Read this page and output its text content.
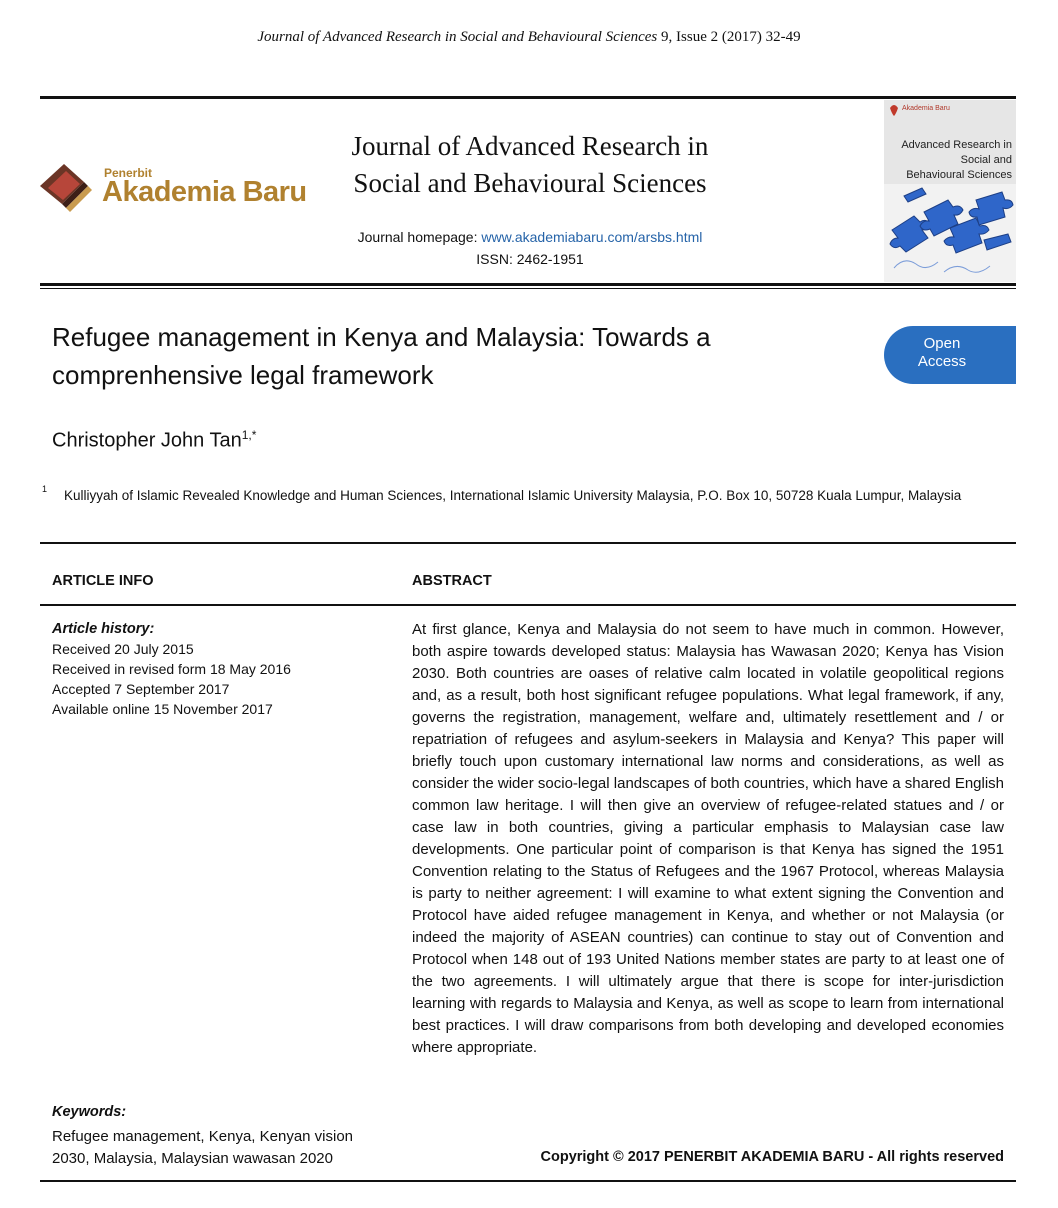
Journal of Advanced Research in Social and Behavioural Sciences 9, Issue 2 (2017) 32-49
Penerbit
Akademia Baru
Journal of Advanced Research in
Social and Behavioural Sciences
Journal homepage: www.akademiabaru.com/arsbs.html
ISSN: 2462-1951
Akademia Baru
Advanced Research in
Social and
Behavioural Sciences
Refugee management in Kenya and Malaysia: Towards a comprenhensive legal framework
Open
Access
Christopher John Tan$^{1,*}$
1 Kulliyyah of Islamic Revealed Knowledge and Human Sciences, International Islamic University Malaysia, P.O. Box 10, 50728 Kuala Lumpur, Malaysia
ARTICLE INFO	ABSTRACT
Article history:
Received 20 July 2015
Received in revised form 18 May 2016
Accepted 7 September 2017
Available online 15 November 2017
At first glance, Kenya and Malaysia do not seem to have much in common. However, both aspire towards developed status: Malaysia has Wawasan 2020; Kenya has Vision 2030. Both countries are oases of relative calm located in volatile geopolitical regions and, as a result, both host significant refugee populations. What legal framework, if any, governs the registration, management, welfare and, ultimately resettlement and / or repatriation of refugees and asylum-seekers in Malaysia and Kenya? This paper will briefly touch upon customary international law norms and considerations, as well as consider the wider socio-legal landscapes of both countries, which have a shared English common law heritage. I will then give an overview of refugee-related statues and / or case law in both countries, giving a particular emphasis to Malaysian case law developments. One particular point of comparison is that Kenya has signed the 1951 Convention relating to the Status of Refugees and the 1967 Protocol, whereas Malaysia is party to neither agreement: I will examine to what extent signing the Convention and Protocol have aided refugee management in Kenya, and whether or not Malaysia (or indeed the majority of ASEAN countries) can continue to stay out of Convention and Protocol when 148 out of 193 United Nations member states are party to at least one of the two agreements. I will ultimately argue that there is scope for inter-jurisdiction learning with regards to Malaysia and Kenya, as well as scope to learn from international best practices. I will draw comparisons from both developing and developed economies where appropriate.
Keywords:
Refugee management, Kenya, Kenyan vision 2030, Malaysia, Malaysian wawasan 2020	Copyright © 2017 PENERBIT AKADEMIA BARU - All rights reserved
